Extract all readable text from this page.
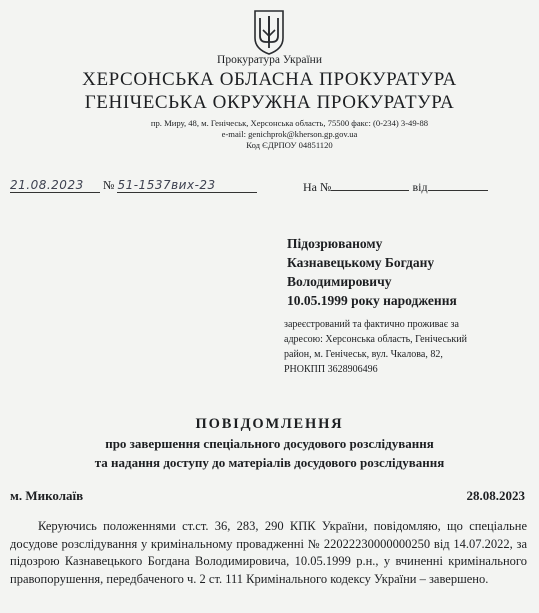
Прокуратура України
ХЕРСОНСЬКА ОБЛАСНА ПРОКУРАТУРА
ГЕНІЧЕСЬКА ОКРУЖНА ПРОКУРАТУРА
пр. Миру, 48, м. Генічеськ, Херсонська область, 75500 факс: (0-234) 3-49-88
e-mail: genichprok@kherson.gp.gov.ua
Код ЄДРПОУ 04851120
21.08.2023 № 51-1537вих-23	На №	від
Підозрюваному
Казнавецькому Богдану
Володимировичу
10.05.1999 року народження
зареєстрований та фактично проживає за
адресою: Херсонська область, Генічеський
район, м. Генічеськ, вул. Чкалова, 82,
РНОКПП 3628906496
ПОВІДОМЛЕННЯ
про завершення спеціального досудового розслідування
та надання доступу до матеріалів досудового розслідування
м. Миколаїв	28.08.2023

Керуючись положеннями ст.ст. 36, 283, 290 КПК України, повідомляю, що спеціальне досудове розслідування у кримінальному провадженні № 22022230000000250 від 14.07.2022, за підозрою Казнавецького Богдана Володимировича, 10.05.1999 р.н., у вчиненні кримінального правопорушення, передбаченого ч. 2 ст. 111 Кримінального кодексу України – завершено.
